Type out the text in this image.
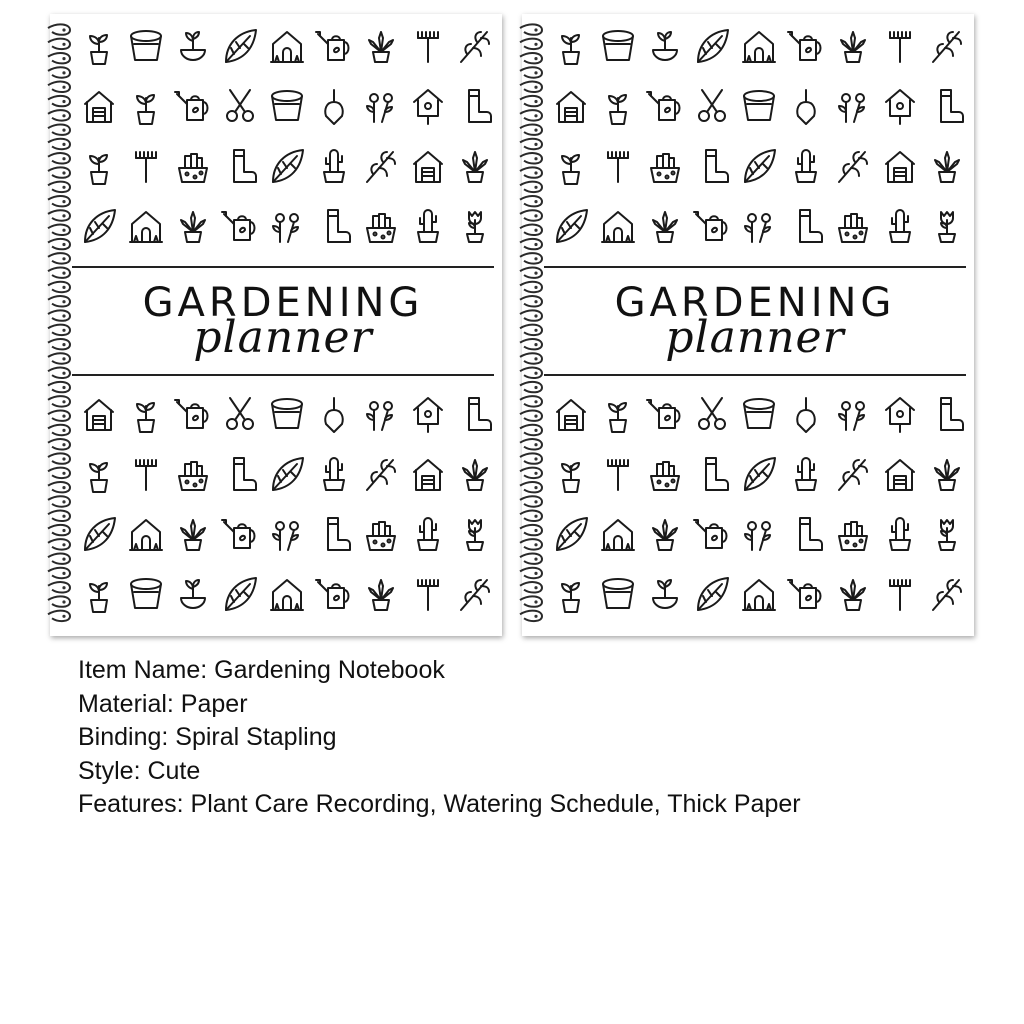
GARDENING
planner
GARDENING
planner
Item Name: Gardening Notebook
Material: Paper
Binding: Spiral Stapling
Style: Cute
Features: Plant Care Recording, Watering Schedule, Thick Paper
